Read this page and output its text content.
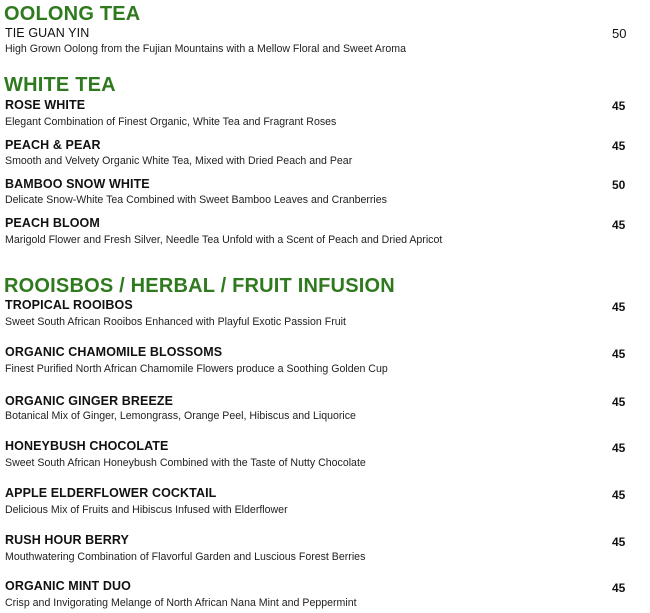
OOLONG TEA
TIE GUAN YIN	50
High Grown Oolong from the Fujian Mountains with a Mellow Floral and Sweet Aroma
WHITE TEA
ROSE WHITE	45
Elegant Combination of Finest Organic, White Tea and Fragrant Roses
PEACH & PEAR	45
Smooth and Velvety Organic White Tea, Mixed with Dried Peach and Pear
BAMBOO SNOW WHITE	50
Delicate Snow-White Tea Combined with Sweet Bamboo Leaves and Cranberries
PEACH BLOOM	45
Marigold Flower and Fresh Silver, Needle Tea Unfold with a Scent of Peach and Dried Apricot
ROOISBOS / HERBAL / FRUIT INFUSION
TROPICAL ROOIBOS	45
Sweet South African Rooibos Enhanced with Playful Exotic Passion Fruit
ORGANIC CHAMOMILE BLOSSOMS	45
Finest Purified North African Chamomile Flowers produce a Soothing Golden Cup
ORGANIC GINGER BREEZE	45
Botanical Mix of Ginger, Lemongrass, Orange Peel, Hibiscus and Liquorice
HONEYBUSH CHOCOLATE	45
Sweet South African Honeybush Combined with the Taste of Nutty Chocolate
APPLE ELDERFLOWER COCKTAIL	45
Delicious Mix of Fruits and Hibiscus Infused with Elderflower
RUSH HOUR BERRY	45
Mouthwatering Combination of Flavorful Garden and Luscious Forest Berries
ORGANIC MINT DUO	45
Crisp and Invigorating Melange of North African Nana Mint and Peppermint
